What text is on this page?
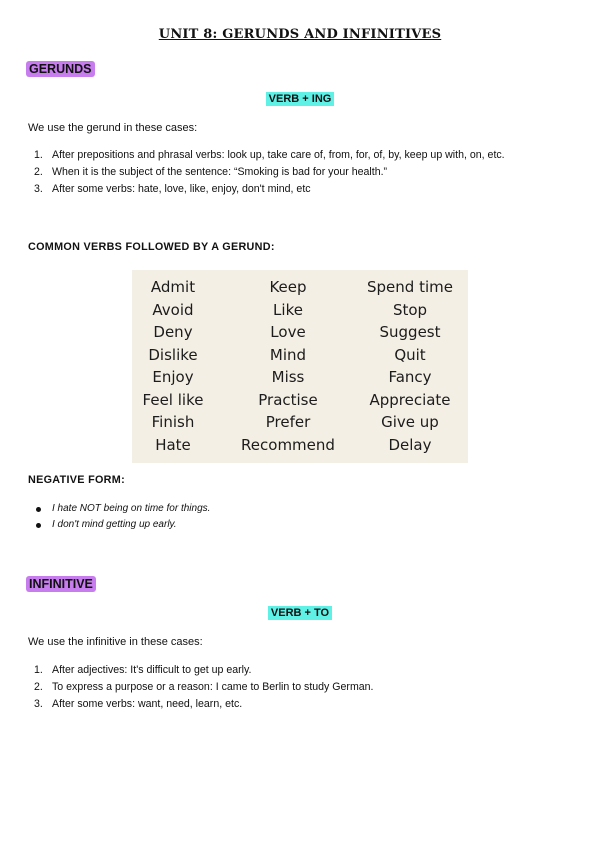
UNIT 8: GERUNDS AND INFINITIVES
GERUNDS
VERB + ING
We use the gerund in these cases:
1. After prepositions and phrasal verbs: look up, take care of, from, for, of, by, keep up with, on, etc.
2. When it is the subject of the sentence: “Smoking is bad for your health.”
3. After some verbs: hate, love, like, enjoy, don't mind, etc
COMMON VERBS FOLLOWED BY A GERUND:
Admit
Avoid
Deny
Dislike
Enjoy
Feel like
Finish
Hate
Keep
Like
Love
Mind
Miss
Practise
Prefer
Recommend
Spend time
Stop
Suggest
Quit
Fancy
Appreciate
Give up
Delay
NEGATIVE FORM:
I hate NOT being on time for things.
I don't mind getting up early.
INFINITIVE
VERB + TO
We use the infinitive in these cases:
1. After adjectives: It's difficult to get up early.
2. To express a purpose or a reason: I came to Berlin to study German.
3. After some verbs: want, need, learn, etc.
